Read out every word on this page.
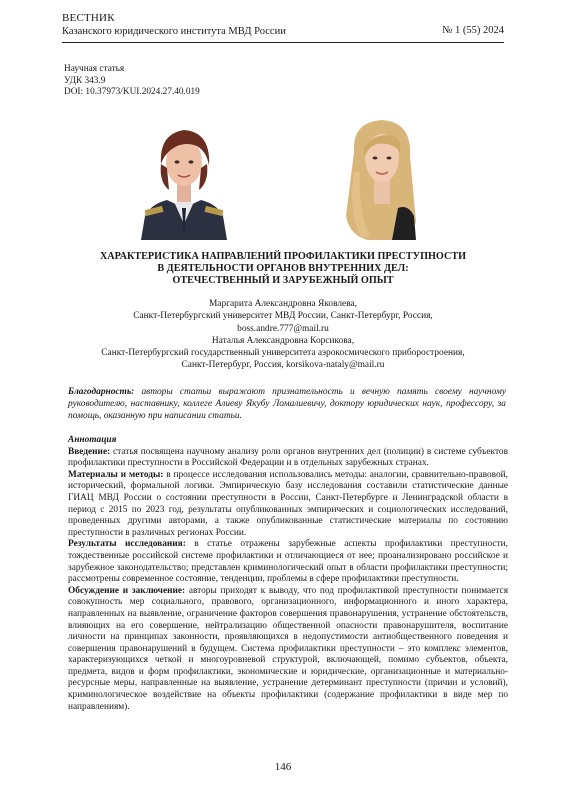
ВЕСТНИК
Казанского юридического института МВД России	№ 1 (55) 2024
Научная статья
УДК 343.9
DOI: 10.37973/KUI.2024.27.40.019
ХАРАКТЕРИСТИКА НАПРАВЛЕНИЙ ПРОФИЛАКТИКИ ПРЕСТУПНОСТИ
В ДЕЯТЕЛЬНОСТИ ОРГАНОВ ВНУТРЕННИХ ДЕЛ:
ОТЕЧЕСТВЕННЫЙ И ЗАРУБЕЖНЫЙ ОПЫТ
Маргарита Александровна Яковлева,
Санкт-Петербургский университет МВД России, Санкт-Петербург, Россия,
boss.andre.777@mail.ru
Наталья Александровна Корсикова,
Санкт-Петербургский государственный университета аэрокосмического приборостроения,
Санкт-Петербург, Россия, korsikova-nataly@mail.ru
Благодарность: авторы статьи выражают признательность и вечную память своему научному руководителю, наставнику, коллеге Алиеву Якубу Ломалиевичу, доктору юридических наук, профессору, за помощь, оказанную при написании статьи.
Аннотация

Введение: статья посвящена научному анализу роли органов внутренних дел (полиции) в системе субъектов профилактики преступности в Российской Федерации и в отдельных зарубежных странах.

Материалы и методы: в процессе исследования использовались методы: аналогии, сравнительно-правовой, исторический, формальной логики. Эмпирическую базу исследования составили статистические данные ГИАЦ МВД России о состоянии преступности в России, Санкт-Петербурге и Ленинградской области в период с 2015 по 2023 год, результаты опубликованных эмпирических и социологических исследований, проведенных другими авторами, а также опубликованные статистические материалы по состоянию преступности в различных регионах России.

Результаты исследования: в статье отражены зарубежные аспекты профилактики преступности, тождественные российской системе профилактики и отличающиеся от нее; проанализировано российское и зарубежное законодательство; представлен криминологический опыт в области профилактики преступности; рассмотрены современное состояние, тенденции, проблемы в сфере профилактики преступности.

Обсуждение и заключение: авторы приходят к выводу, что под профилактикой преступности понимается совокупность мер социального, правового, организационного, информационного и иного характера, направленных на выявление, ограничение факторов совершения правонарушения, устранение обстоятельств, влияющих на его совершение, нейтрализацию общественной опасности правонарушителя, воспитание личности на принципах законности, проявляющихся в недопустимости антиобщественного поведения и совершения правонарушений в будущем. Система профилактики преступности – это комплекс элементов, характеризующихся четкой и многоуровневой структурой, включающей, помимо субъектов, объекта, предмета, видов и форм профилактики, экономические и юридические, организационные и материально-ресурсные меры, направленные на выявление, устранение детерминант преступности (причин и условий), криминологическое воздействие на объекты профилактики (содержание профилактики в виде мер по направлениям).

146
